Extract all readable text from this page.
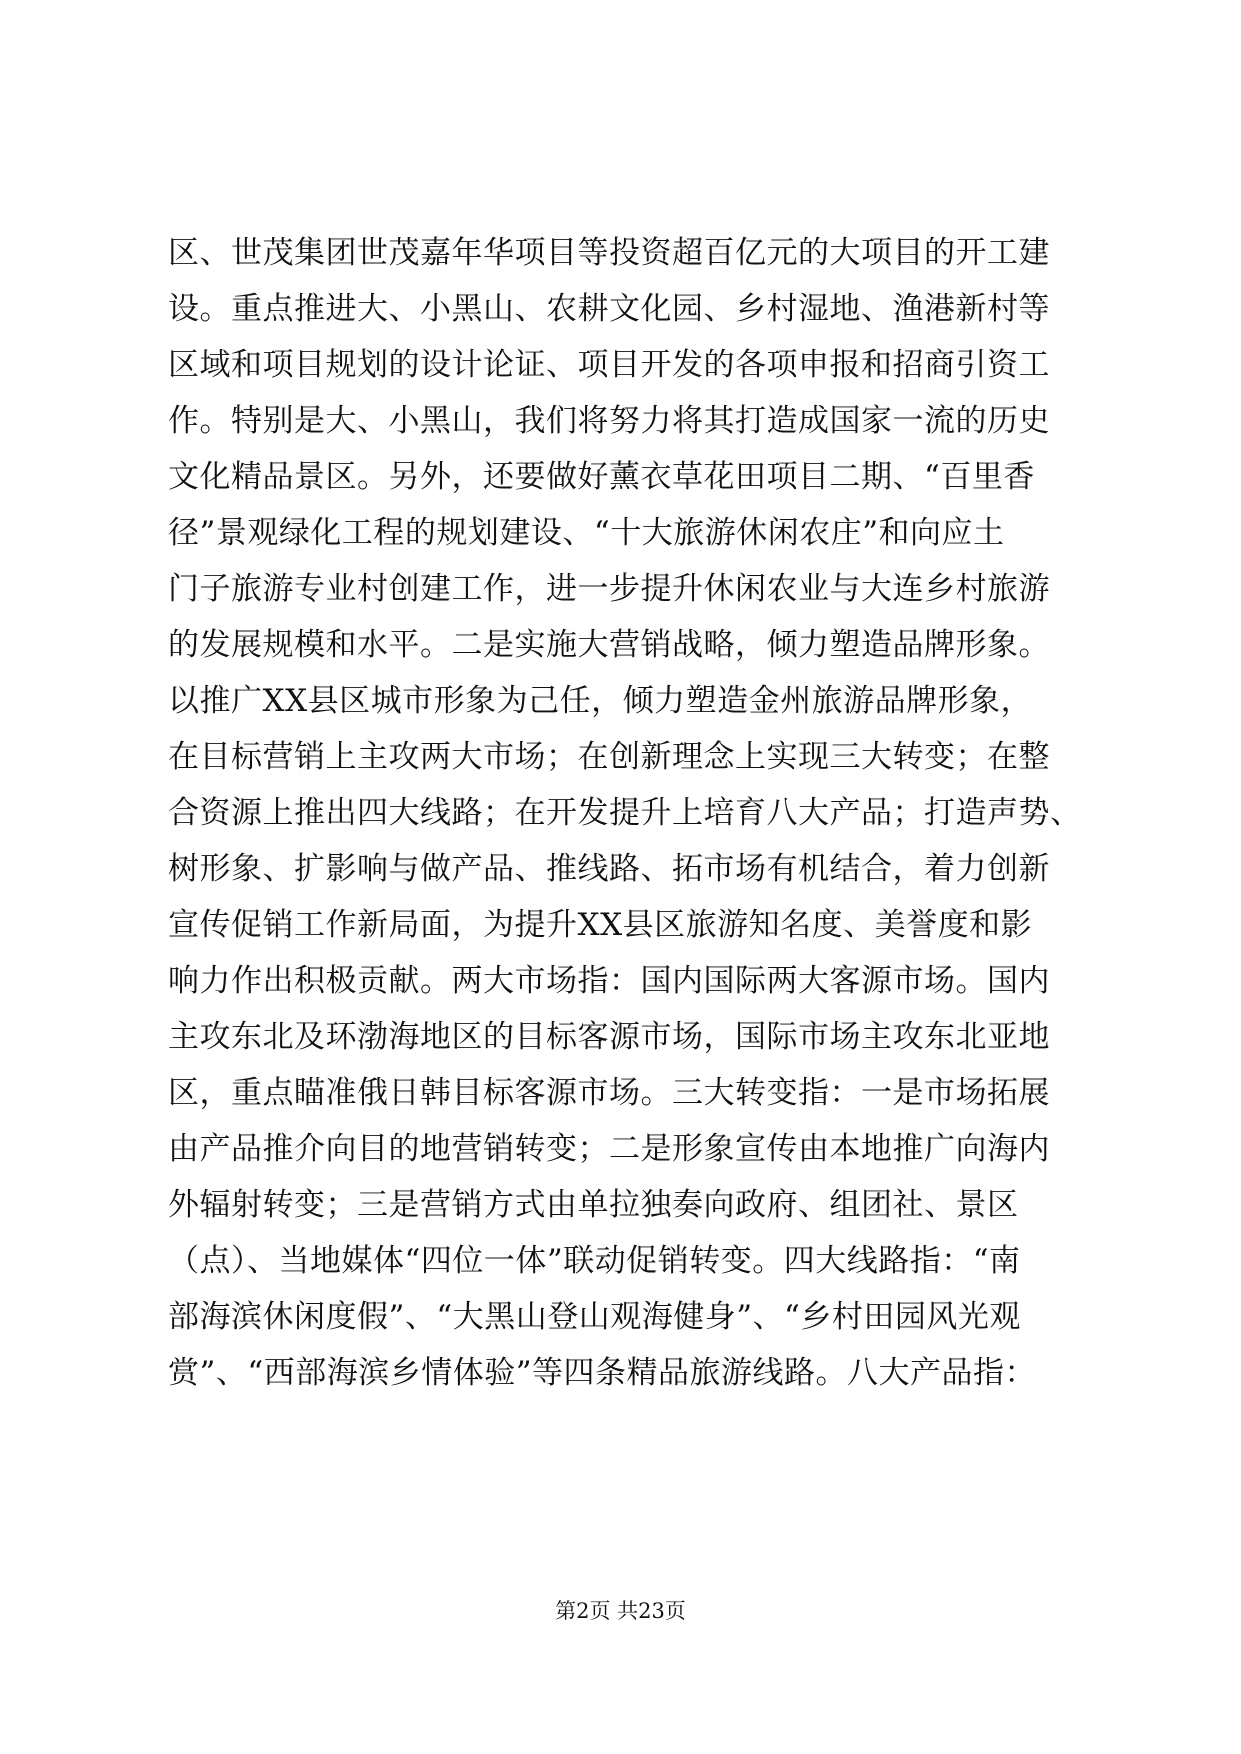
区、世茂集团世茂嘉年华项目等投资超百亿元的大项目的开工建
设。重点推进大、小黑山、农耕文化园、乡村湿地、渔港新村等
区域和项目规划的设计论证、项目开发的各项申报和招商引资工
作。特别是大、小黑山，我们将努力将其打造成国家一流的历史
文化精品景区。另外，还要做好薰衣草花田项目二期、“百里香
径”景观绿化工程的规划建设、“十大旅游休闲农庄”和向应土
门子旅游专业村创建工作，进一步提升休闲农业与大连乡村旅游
的发展规模和水平。二是实施大营销战略，倾力塑造品牌形象。
以推广XX县区城市形象为己任，倾力塑造金州旅游品牌形象，
在目标营销上主攻两大市场；在创新理念上实现三大转变；在整
合资源上推出四大线路；在开发提升上培育八大产品；打造声势、
树形象、扩影响与做产品、推线路、拓市场有机结合，着力创新
宣传促销工作新局面，为提升XX县区旅游知名度、美誉度和影
响力作出积极贡献。两大市场指：国内国际两大客源市场。国内
主攻东北及环渤海地区的目标客源市场，国际市场主攻东北亚地
区，重点瞄准俄日韩目标客源市场。三大转变指：一是市场拓展
由产品推介向目的地营销转变；二是形象宣传由本地推广向海内
外辐射转变；三是营销方式由单拉独奏向政府、组团社、景区
（点）、当地媒体“四位一体”联动促销转变。四大线路指：“南
部海滨休闲度假”、“大黑山登山观海健身”、“乡村田园风光观
赏”、“西部海滨乡情体验”等四条精品旅游线路。八大产品指：
第2页 共23页
